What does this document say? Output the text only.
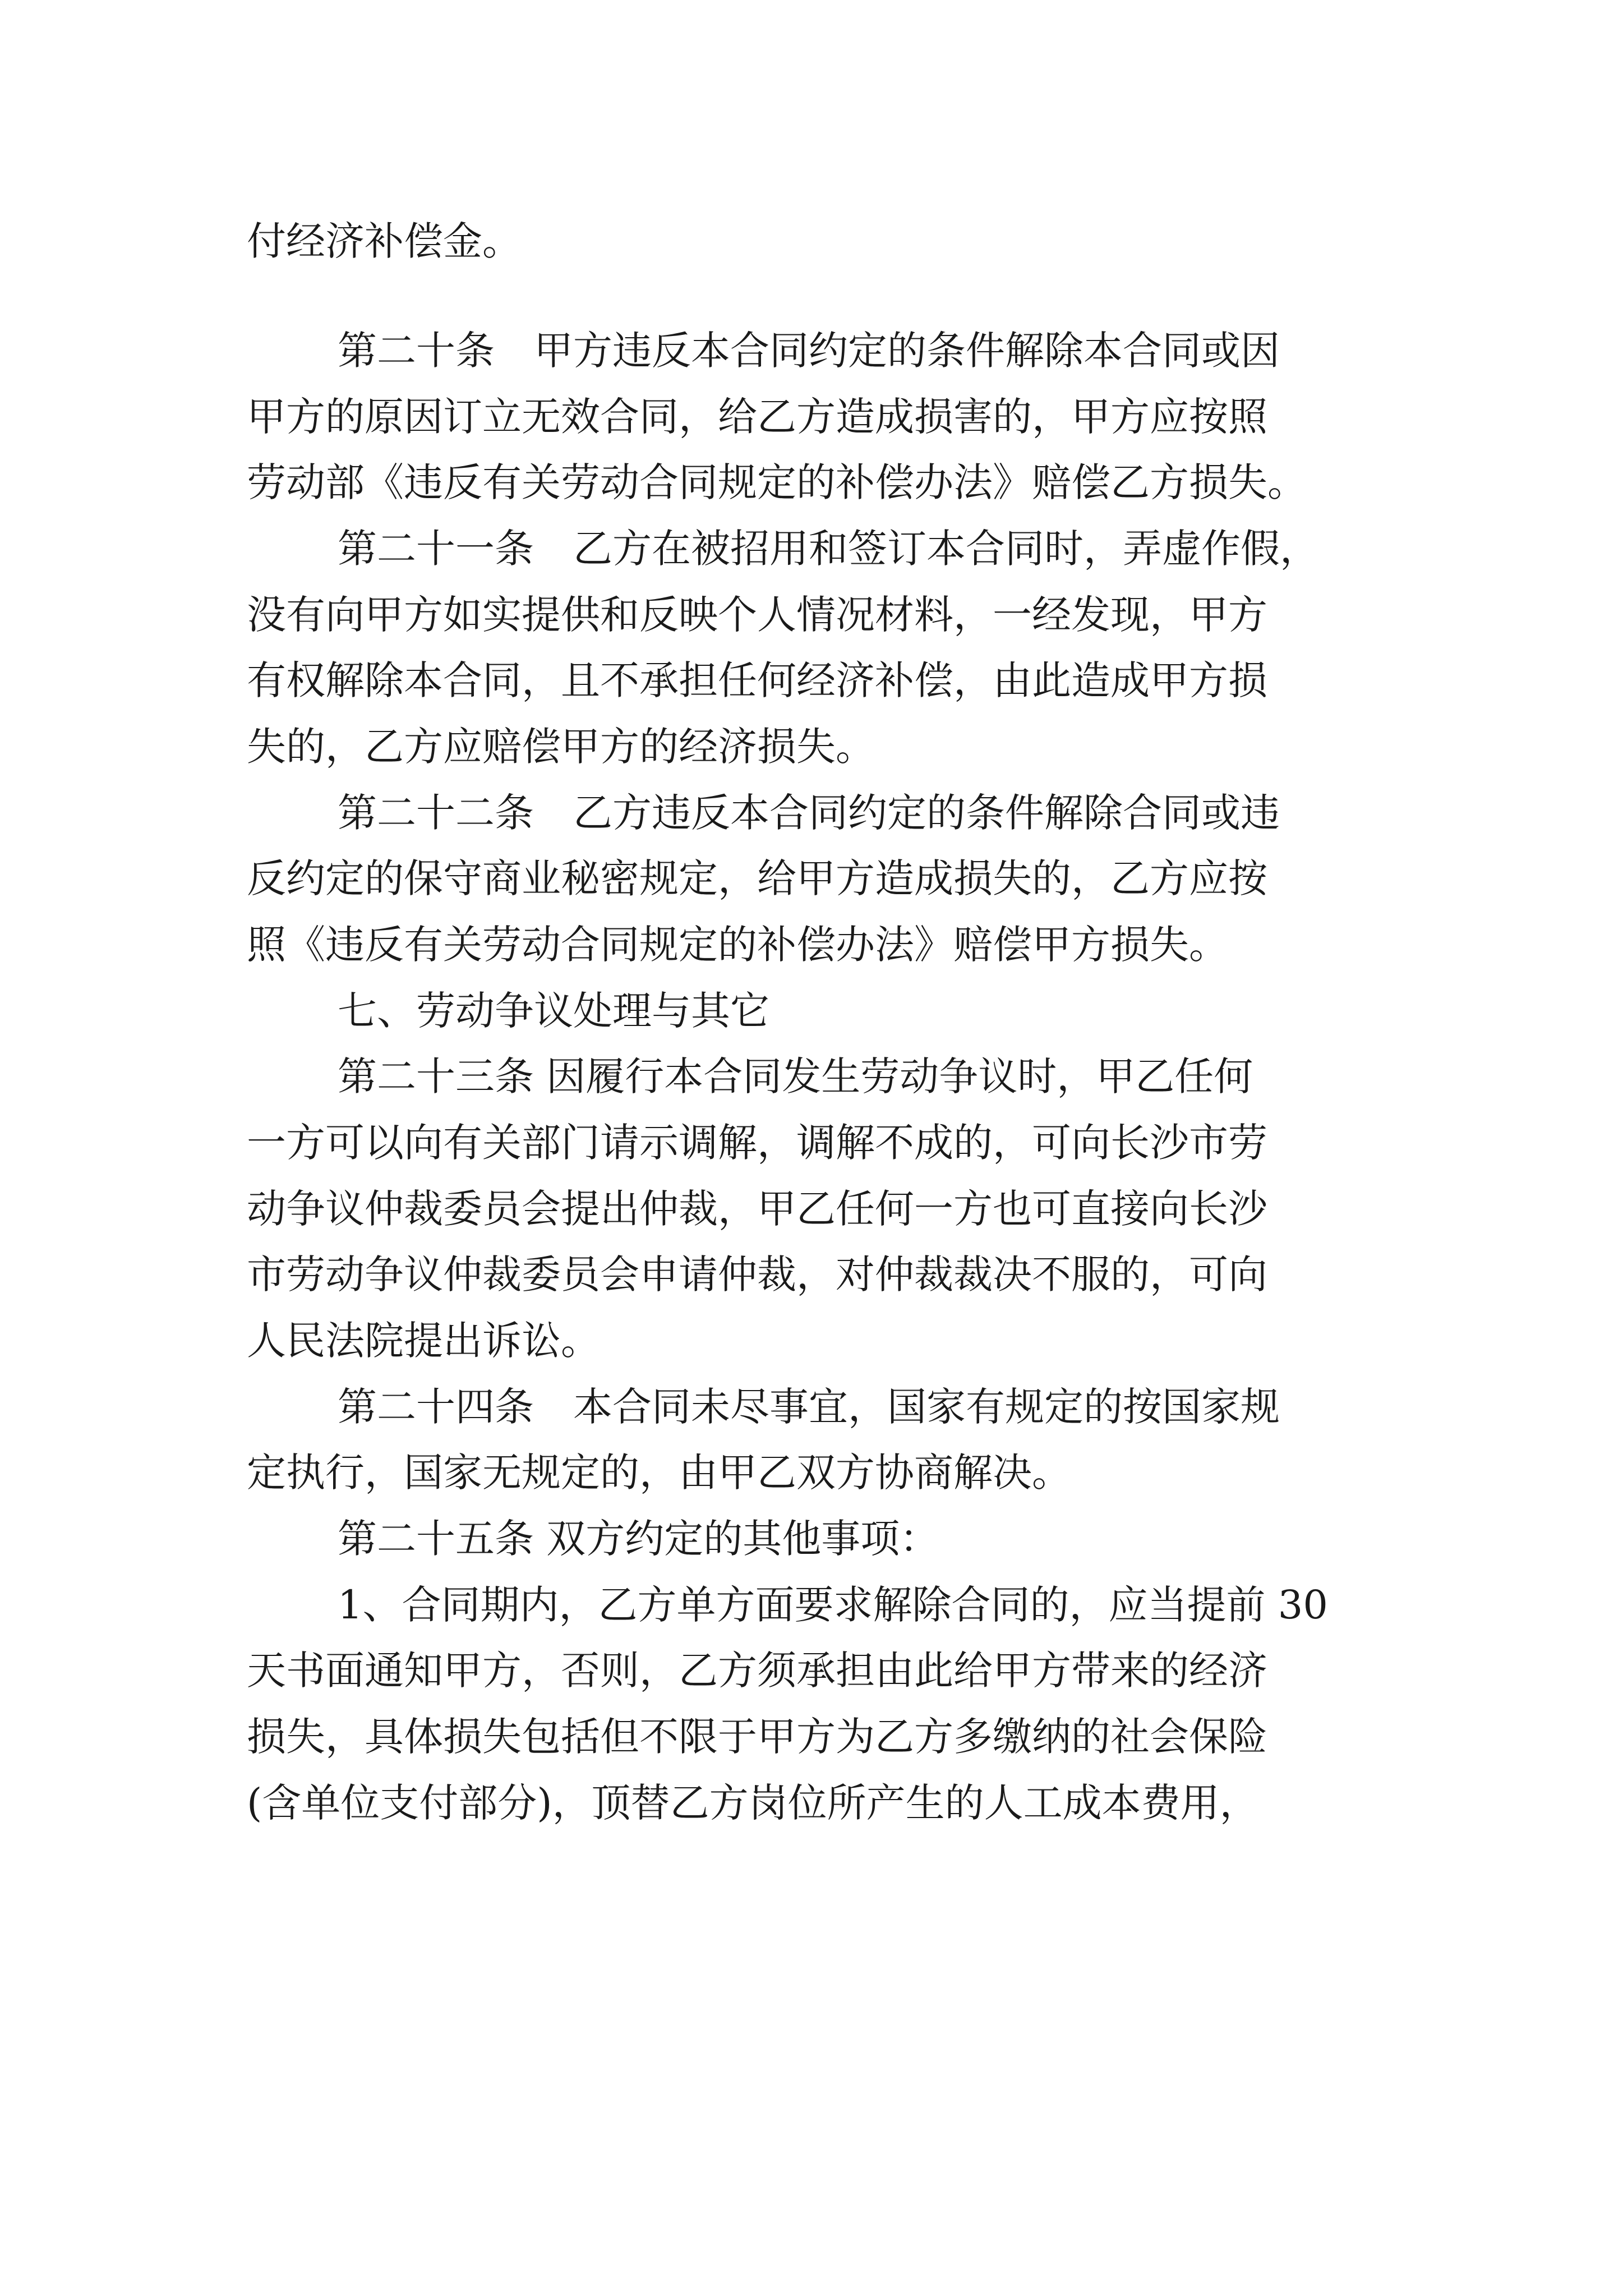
付经济补偿金。
第二十条　甲方违反本合同约定的条件解除本合同或因
甲方的原因订立无效合同，给乙方造成损害的，甲方应按照
劳动部《违反有关劳动合同规定的补偿办法》赔偿乙方损失。
第二十一条　乙方在被招用和签订本合同时，弄虚作假，
没有向甲方如实提供和反映个人情况材料，一经发现，甲方
有权解除本合同，且不承担任何经济补偿，由此造成甲方损
失的，乙方应赔偿甲方的经济损失。
第二十二条　乙方违反本合同约定的条件解除合同或违
反约定的保守商业秘密规定，给甲方造成损失的，乙方应按
照《违反有关劳动合同规定的补偿办法》赔偿甲方损失。
七、劳动争议处理与其它
第二十三条 因履行本合同发生劳动争议时，甲乙任何
一方可以向有关部门请示调解，调解不成的，可向长沙市劳
动争议仲裁委员会提出仲裁，甲乙任何一方也可直接向长沙
市劳动争议仲裁委员会申请仲裁，对仲裁裁决不服的，可向
人民法院提出诉讼。
第二十四条　本合同未尽事宜，国家有规定的按国家规
定执行，国家无规定的，由甲乙双方协商解决。
第二十五条 双方约定的其他事项：
1、合同期内，乙方单方面要求解除合同的，应当提前 30
天书面通知甲方，否则，乙方须承担由此给甲方带来的经济
损失，具体损失包括但不限于甲方为乙方多缴纳的社会保险
(含单位支付部分)，顶替乙方岗位所产生的人工成本费用，
